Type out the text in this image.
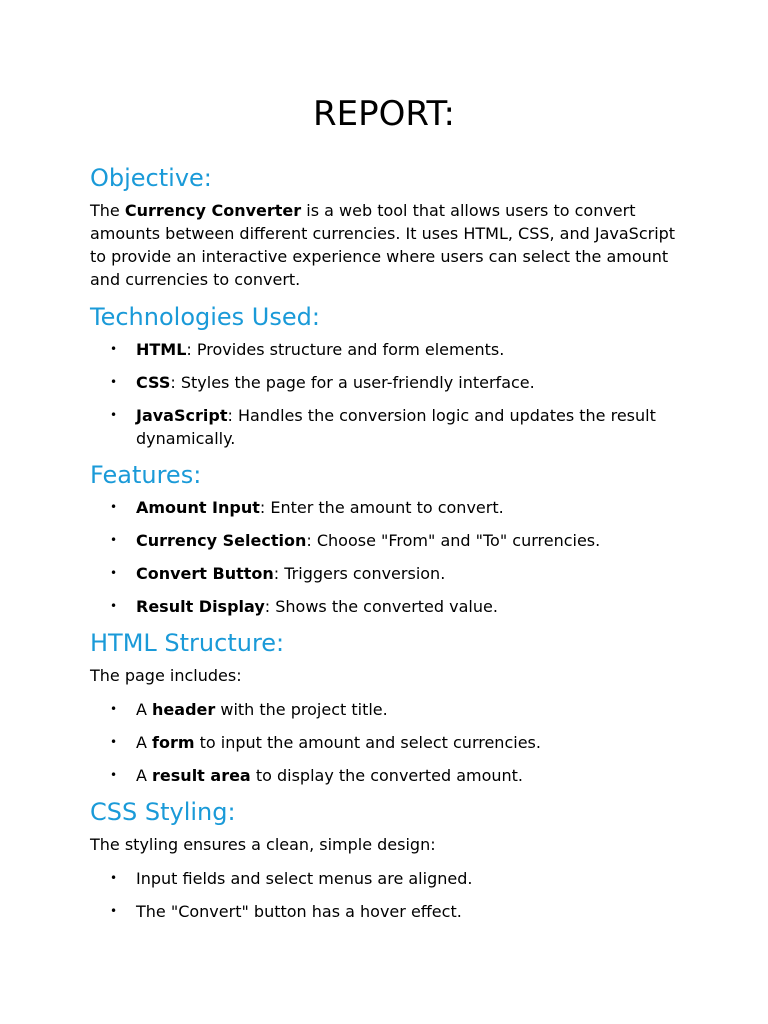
REPORT:
Objective:

The Currency Converter is a web tool that allows users to convert amounts between different currencies. It uses HTML, CSS, and JavaScript to provide an interactive experience where users can select the amount and currencies to convert.

Technologies Used:
• HTML: Provides structure and form elements.
• CSS: Styles the page for a user-friendly interface.
• JavaScript: Handles the conversion logic and updates the result dynamically.
Features:
• Amount Input: Enter the amount to convert.
• Currency Selection: Choose "From" and "To" currencies.
• Convert Button: Triggers conversion.
• Result Display: Shows the converted value.
HTML Structure:

The page includes:

• A header with the project title.
• A form to input the amount and select currencies.
• A result area to display the converted amount.
CSS Styling:

The styling ensures a clean, simple design:

• Input fields and select menus are aligned.
• The "Convert" button has a hover effect.
